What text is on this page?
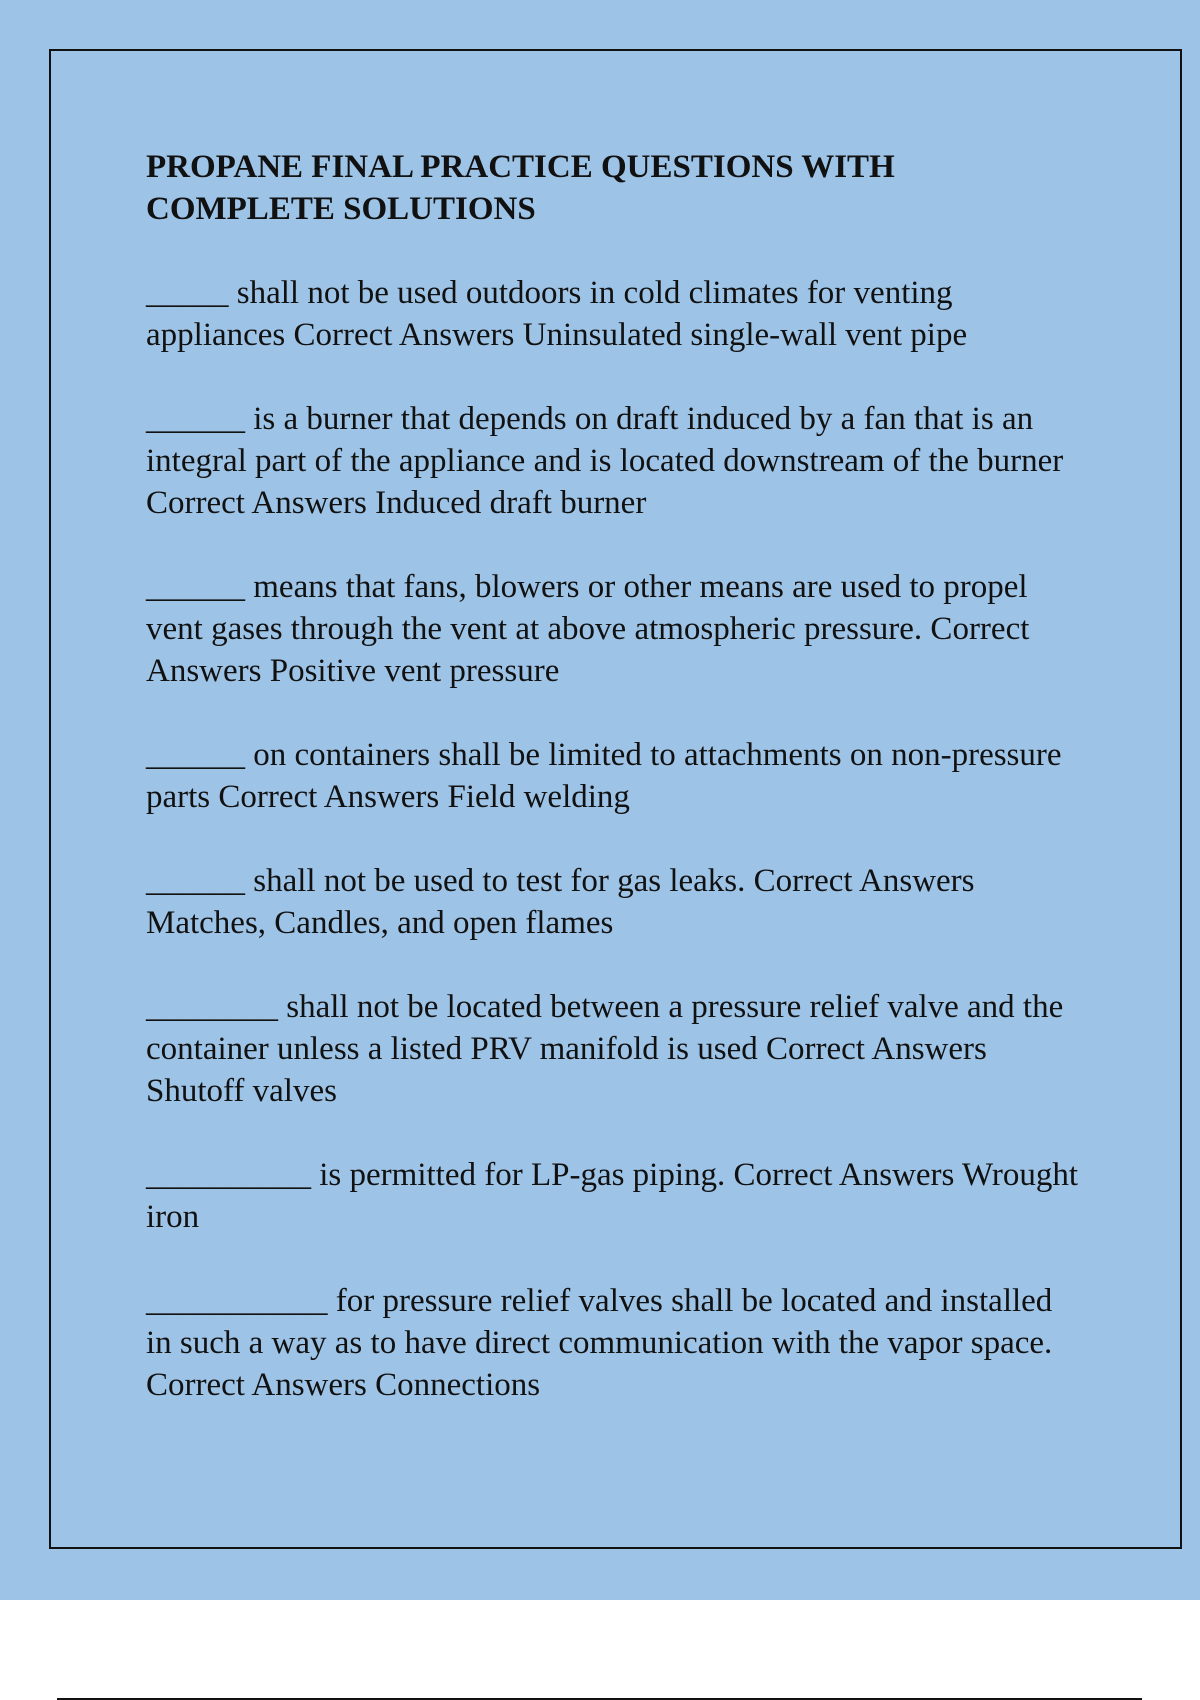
PROPANE FINAL PRACTICE QUESTIONS WITH COMPLETE SOLUTIONS
_____ shall not be used outdoors in cold climates for venting appliances Correct Answers Uninsulated single-wall vent pipe
______ is a burner that depends on draft induced by a fan that is an integral part of the appliance and is located downstream of the burner Correct Answers Induced draft burner
______ means that fans, blowers or other means are used to propel vent gases through the vent at above atmospheric pressure. Correct Answers Positive vent pressure
______ on containers shall be limited to attachments on non-pressure parts Correct Answers Field welding
______ shall not be used to test for gas leaks. Correct Answers Matches, Candles, and open flames
________ shall not be located between a pressure relief valve and the container unless a listed PRV manifold is used Correct Answers Shutoff valves
__________ is permitted for LP-gas piping. Correct Answers Wrought iron
___________ for pressure relief valves shall be located and installed in such a way as to have direct communication with the vapor space. Correct Answers Connections
